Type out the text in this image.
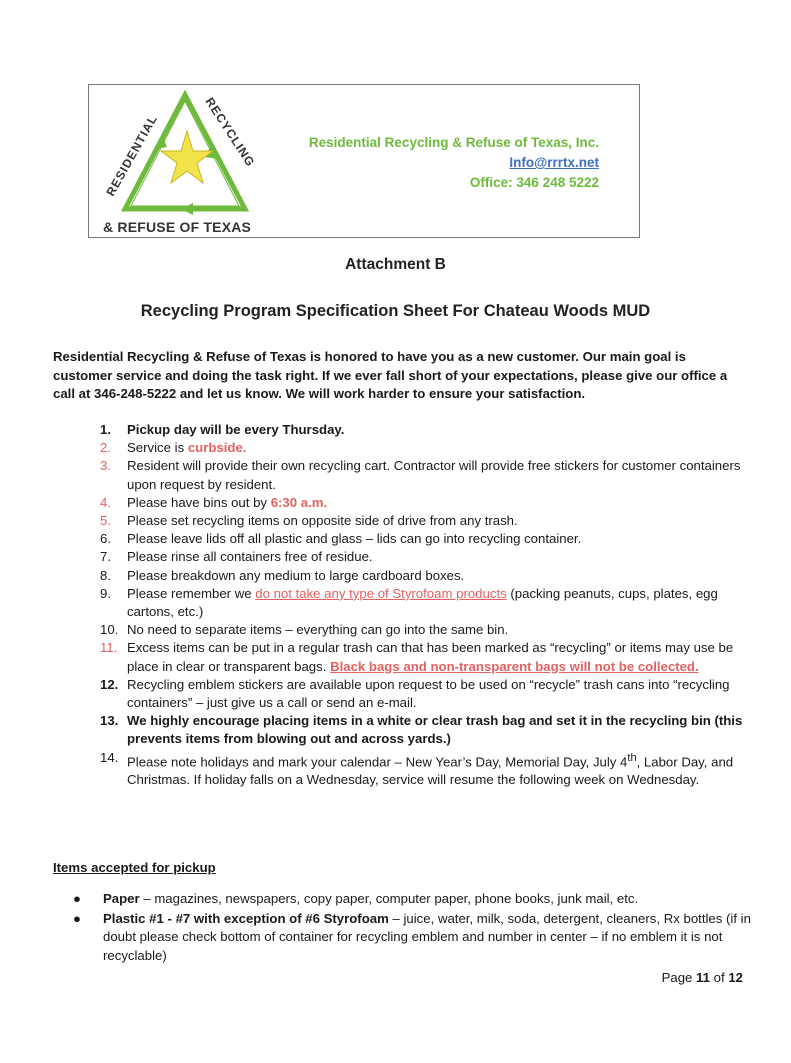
RESIDENTIAL
RECYCLING
& REFUSE OF TEXAS
Residential Recycling & Refuse of Texas, Inc.
Info@rrrtx.net
Office: 346 248 5222
Attachment B
Recycling Program Specification Sheet For Chateau Woods MUD
Residential Recycling & Refuse of Texas is honored to have you as a new customer. Our main goal is customer service and doing the task right. If we ever fall short of your expectations, please give our office a call at 346-248-5222 and let us know. We will work harder to ensure your satisfaction.
1.	Pickup day will be every Thursday.
2.	Service is curbside.
3.	Resident will provide their own recycling cart. Contractor will provide free stickers for customer containers upon request by resident.
4.	Please have bins out by 6:30 a.m.
5.	Please set recycling items on opposite side of drive from any trash.
6.	Please leave lids off all plastic and glass – lids can go into recycling container.
7.	Please rinse all containers free of residue.
8.	Please breakdown any medium to large cardboard boxes.
9.	Please remember we do not take any type of Styrofoam products (packing peanuts, cups, plates, egg cartons, etc.)
10. No need to separate items – everything can go into the same bin.
11. Excess items can be put in a regular trash can that has been marked as “recycling” or items may use be place in clear or transparent bags. Black bags and non-transparent bags will not be collected.
12. Recycling emblem stickers are available upon request to be used on “recycle” trash cans into “recycling containers” – just give us a call or send an e-mail.
13. We highly encourage placing items in a white or clear trash bag and set it in the recycling bin (this prevents items from blowing out and across yards.)
14. Please note holidays and mark your calendar – New Year’s Day, Memorial Day, July 4th, Labor Day, and Christmas. If holiday falls on a Wednesday, service will resume the following week on Wednesday.
Items accepted for pickup
● Paper – magazines, newspapers, copy paper, computer paper, phone books, junk mail, etc.
● Plastic #1 - #7 with exception of #6 Styrofoam – juice, water, milk, soda, detergent, cleaners, Rx bottles (if in doubt please check bottom of container for recycling emblem and number in center – if no emblem it is not recyclable)
Page 11 of 12
